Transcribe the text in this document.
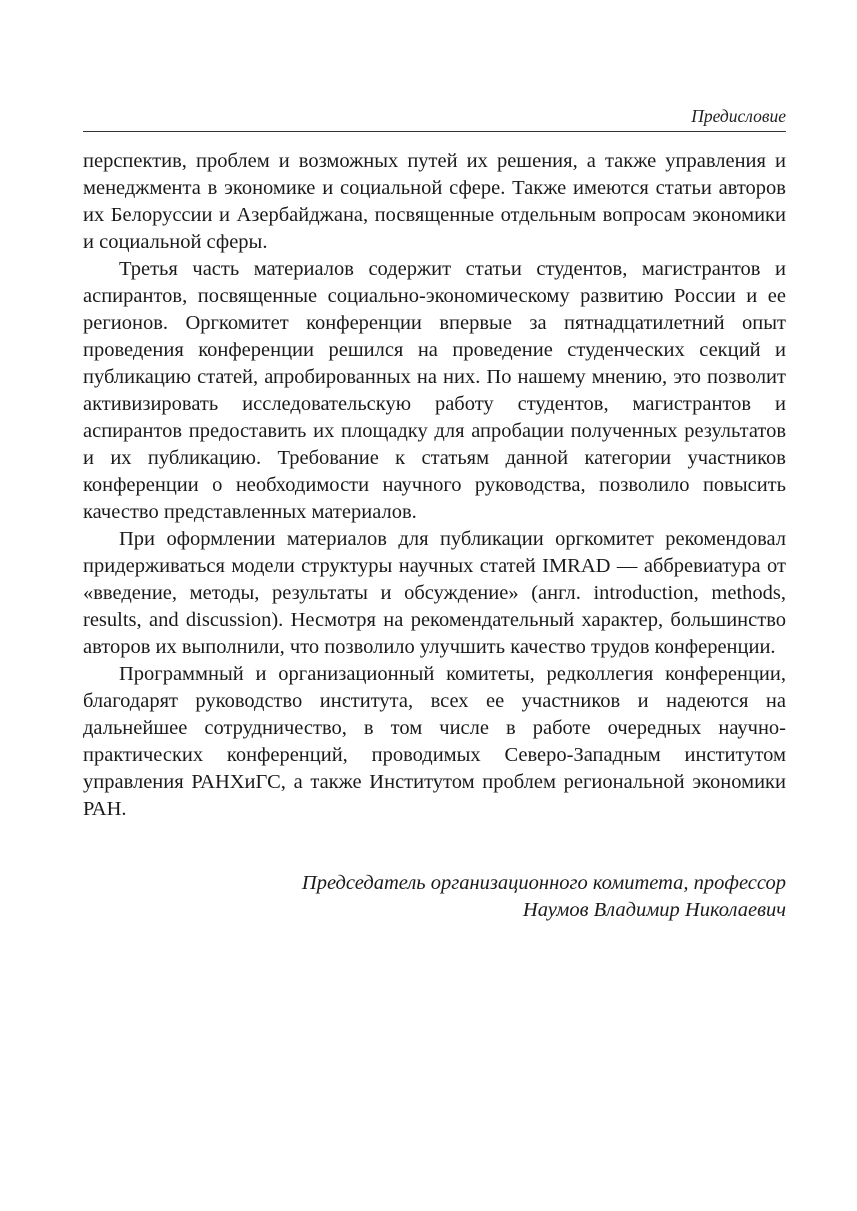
Предисловие

перспектив, проблем и возможных путей их решения, а также управления и менеджмента в экономике и социальной сфере. Также имеются статьи авторов их Белоруссии и Азербайджана, посвященные отдельным вопросам экономики и социальной сферы.

Третья часть материалов содержит статьи студентов, магистрантов и аспирантов, посвященные социально-экономическому развитию России и ее регионов. Оргкомитет конференции впервые за пятнадцатилетний опыт проведения конференции решился на проведение студенческих секций и публикацию статей, апробированных на них. По нашему мнению, это позволит активизировать исследовательскую работу студентов, магистрантов и аспирантов предоставить их площадку для апробации полученных результатов и их публикацию. Требование к статьям данной категории участников конференции о необходимости научного руководства, позволило повысить качество представленных материалов.

При оформлении материалов для публикации оргкомитет рекомендовал придерживаться модели структуры научных статей IMRAD — аббревиатура от «введение, методы, результаты и обсуждение» (англ. introduction, methods, results, and discussion). Несмотря на рекомендательный характер, большинство авторов их выполнили, что позволило улучшить качество трудов конференции.

Программный и организационный комитеты, редколлегия конференции, благодарят руководство института, всех ее участников и надеются на дальнейшее сотрудничество, в том числе в работе очередных научно-практических конференций, проводимых Северо-Западным институтом управления РАНХиГС, а также Институтом проблем региональной экономики РАН.

Председатель организационного комитета, профессор
Наумов Владимир Николаевич
